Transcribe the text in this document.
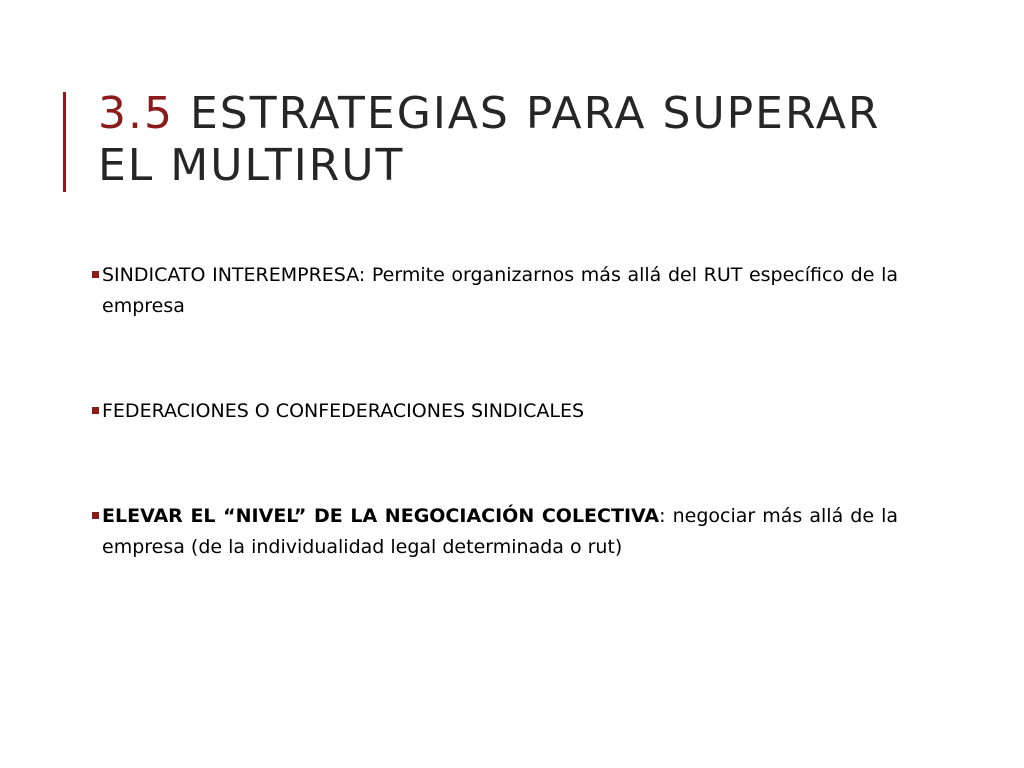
3.5 ESTRATEGIAS PARA SUPERAR EL MULTIRUT
SINDICATO INTEREMPRESA: Permite organizarnos más allá del RUT específico de la empresa
FEDERACIONES O CONFEDERACIONES SINDICALES
ELEVAR EL “NIVEL” DE LA NEGOCIACIÓN COLECTIVA: negociar más allá de la empresa (de la individualidad legal determinada o rut)
